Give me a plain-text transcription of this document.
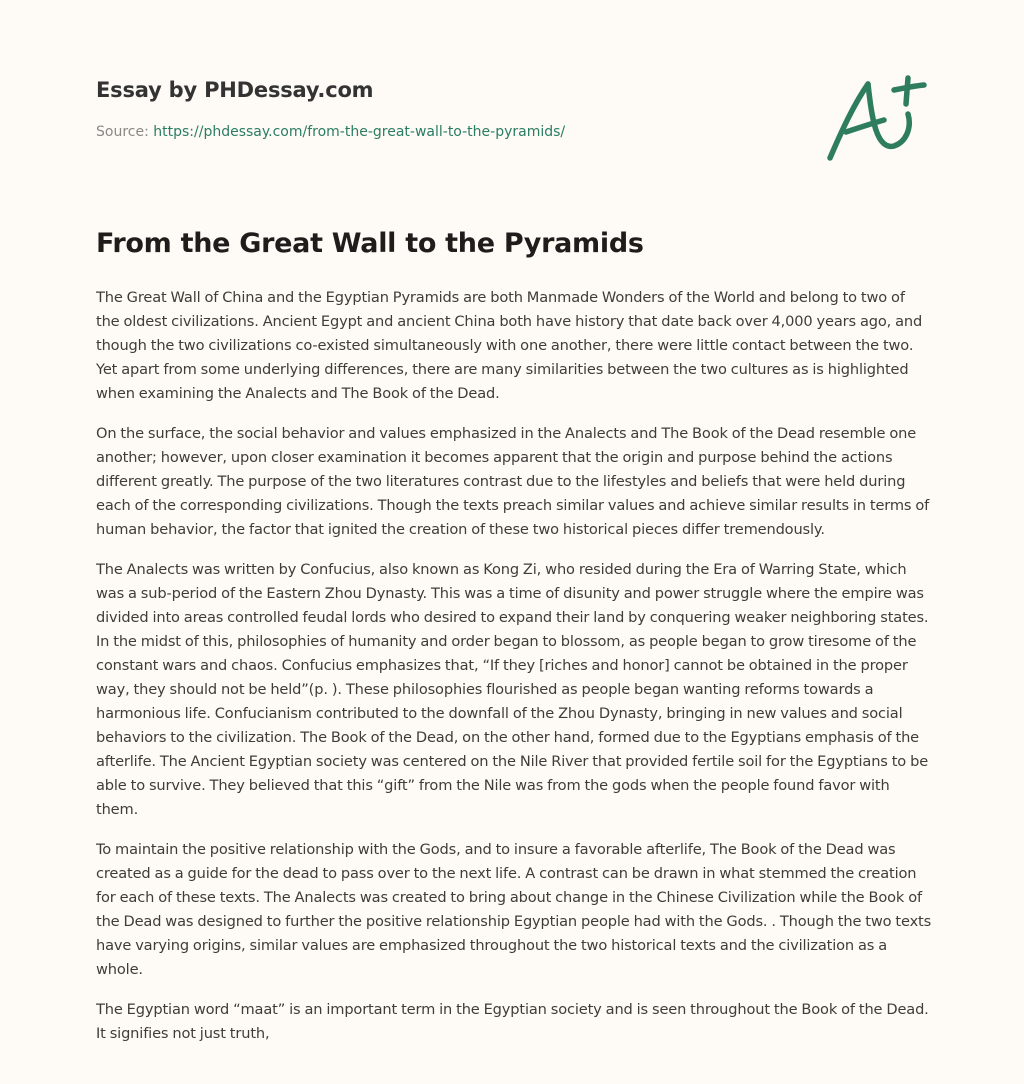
Essay by PHDessay.com
Source: https://phdessay.com/from-the-great-wall-to-the-pyramids/
From the Great Wall to the Pyramids

The Great Wall of China and the Egyptian Pyramids are both Manmade Wonders of the World and belong to two of the oldest civilizations. Ancient Egypt and ancient China both have history that date back over 4,000 years ago, and though the two civilizations co-existed simultaneously with one another, there were little contact between the two. Yet apart from some underlying differences, there are many similarities between the two cultures as is highlighted when examining the Analects and The Book of the Dead.

On the surface, the social behavior and values emphasized in the Analects and The Book of the Dead resemble one another; however, upon closer examination it becomes apparent that the origin and purpose behind the actions different greatly. The purpose of the two literatures contrast due to the lifestyles and beliefs that were held during each of the corresponding civilizations. Though the texts preach similar values and achieve similar results in terms of human behavior, the factor that ignited the creation of these two historical pieces differ tremendously.

The Analects was written by Confucius, also known as Kong Zi, who resided during the Era of Warring State, which was a sub-period of the Eastern Zhou Dynasty. This was a time of disunity and power struggle where the empire was divided into areas controlled feudal lords who desired to expand their land by conquering weaker neighboring states. In the midst of this, philosophies of humanity and order began to blossom, as people began to grow tiresome of the constant wars and chaos. Confucius emphasizes that, “If they [riches and honor] cannot be obtained in the proper way, they should not be held”(p. ). These philosophies flourished as people began wanting reforms towards a harmonious life. Confucianism contributed to the downfall of the Zhou Dynasty, bringing in new values and social behaviors to the civilization. The Book of the Dead, on the other hand, formed due to the Egyptians emphasis of the afterlife. The Ancient Egyptian society was centered on the Nile River that provided fertile soil for the Egyptians to be able to survive. They believed that this “gift” from the Nile was from the gods when the people found favor with them.

To maintain the positive relationship with the Gods, and to insure a favorable afterlife, The Book of the Dead was created as a guide for the dead to pass over to the next life. A contrast can be drawn in what stemmed the creation for each of these texts. The Analects was created to bring about change in the Chinese Civilization while the Book of the Dead was designed to further the positive relationship Egyptian people had with the Gods. . Though the two texts have varying origins, similar values are emphasized throughout the two historical texts and the civilization as a whole.

The Egyptian word “maat” is an important term in the Egyptian society and is seen throughout the Book of the Dead. It signifies not just truth,
